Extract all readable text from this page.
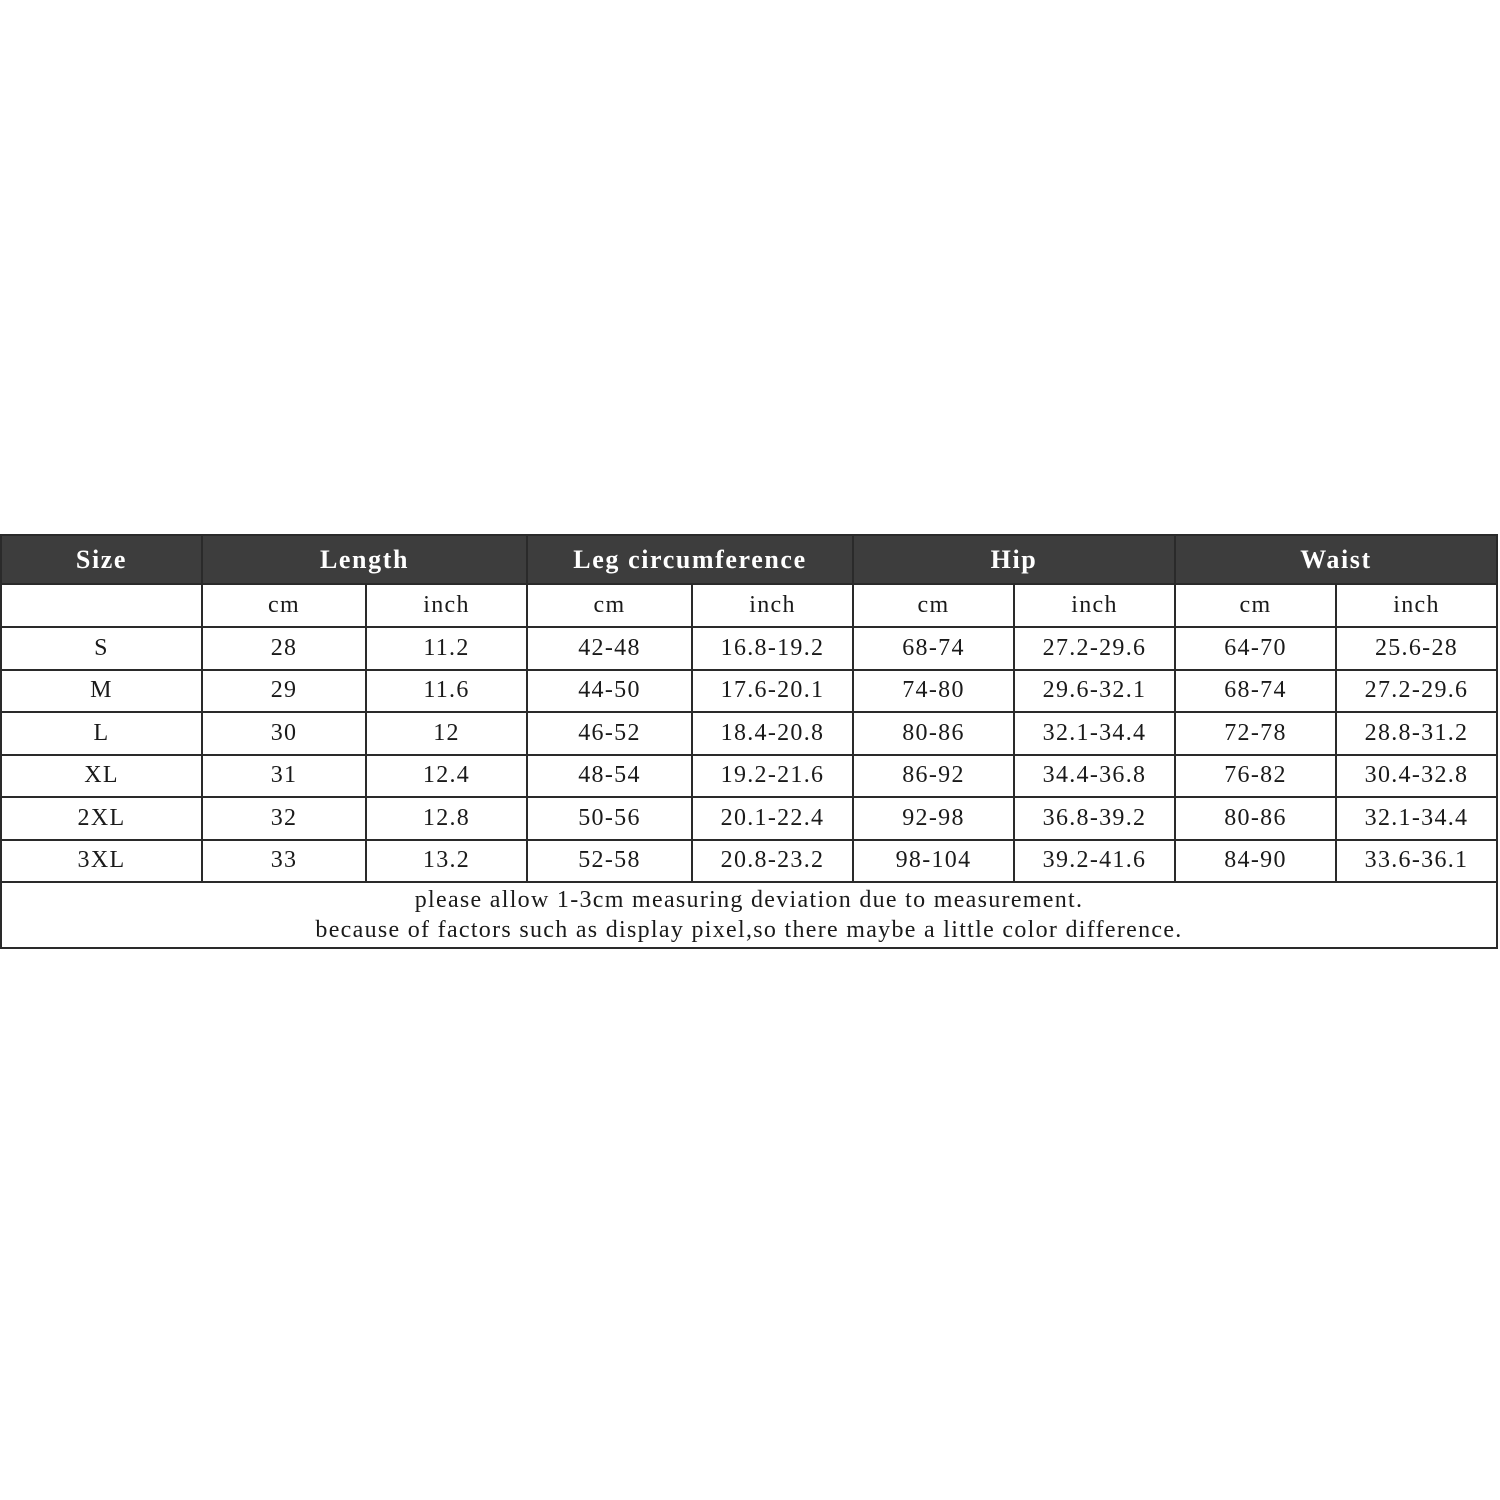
Size	Length		Leg circumference		Hip		Waist	
	cm	inch	cm	inch	cm	inch	cm	inch
S	28	11.2	42-48	16.8-19.2	68-74	27.2-29.6	64-70	25.6-28
M	29	11.6	44-50	17.6-20.1	74-80	29.6-32.1	68-74	27.2-29.6
L	30	12	46-52	18.4-20.8	80-86	32.1-34.4	72-78	28.8-31.2
XL	31	12.4	48-54	19.2-21.6	86-92	34.4-36.8	76-82	30.4-32.8
2XL	32	12.8	50-56	20.1-22.4	92-98	36.8-39.2	80-86	32.1-34.4
3XL	33	13.2	52-58	20.8-23.2	98-104	39.2-41.6	84-90	33.6-36.1

please allow 1-3cm measuring deviation due to measurement.
because of factors such as display pixel,so there maybe a little color difference.								
